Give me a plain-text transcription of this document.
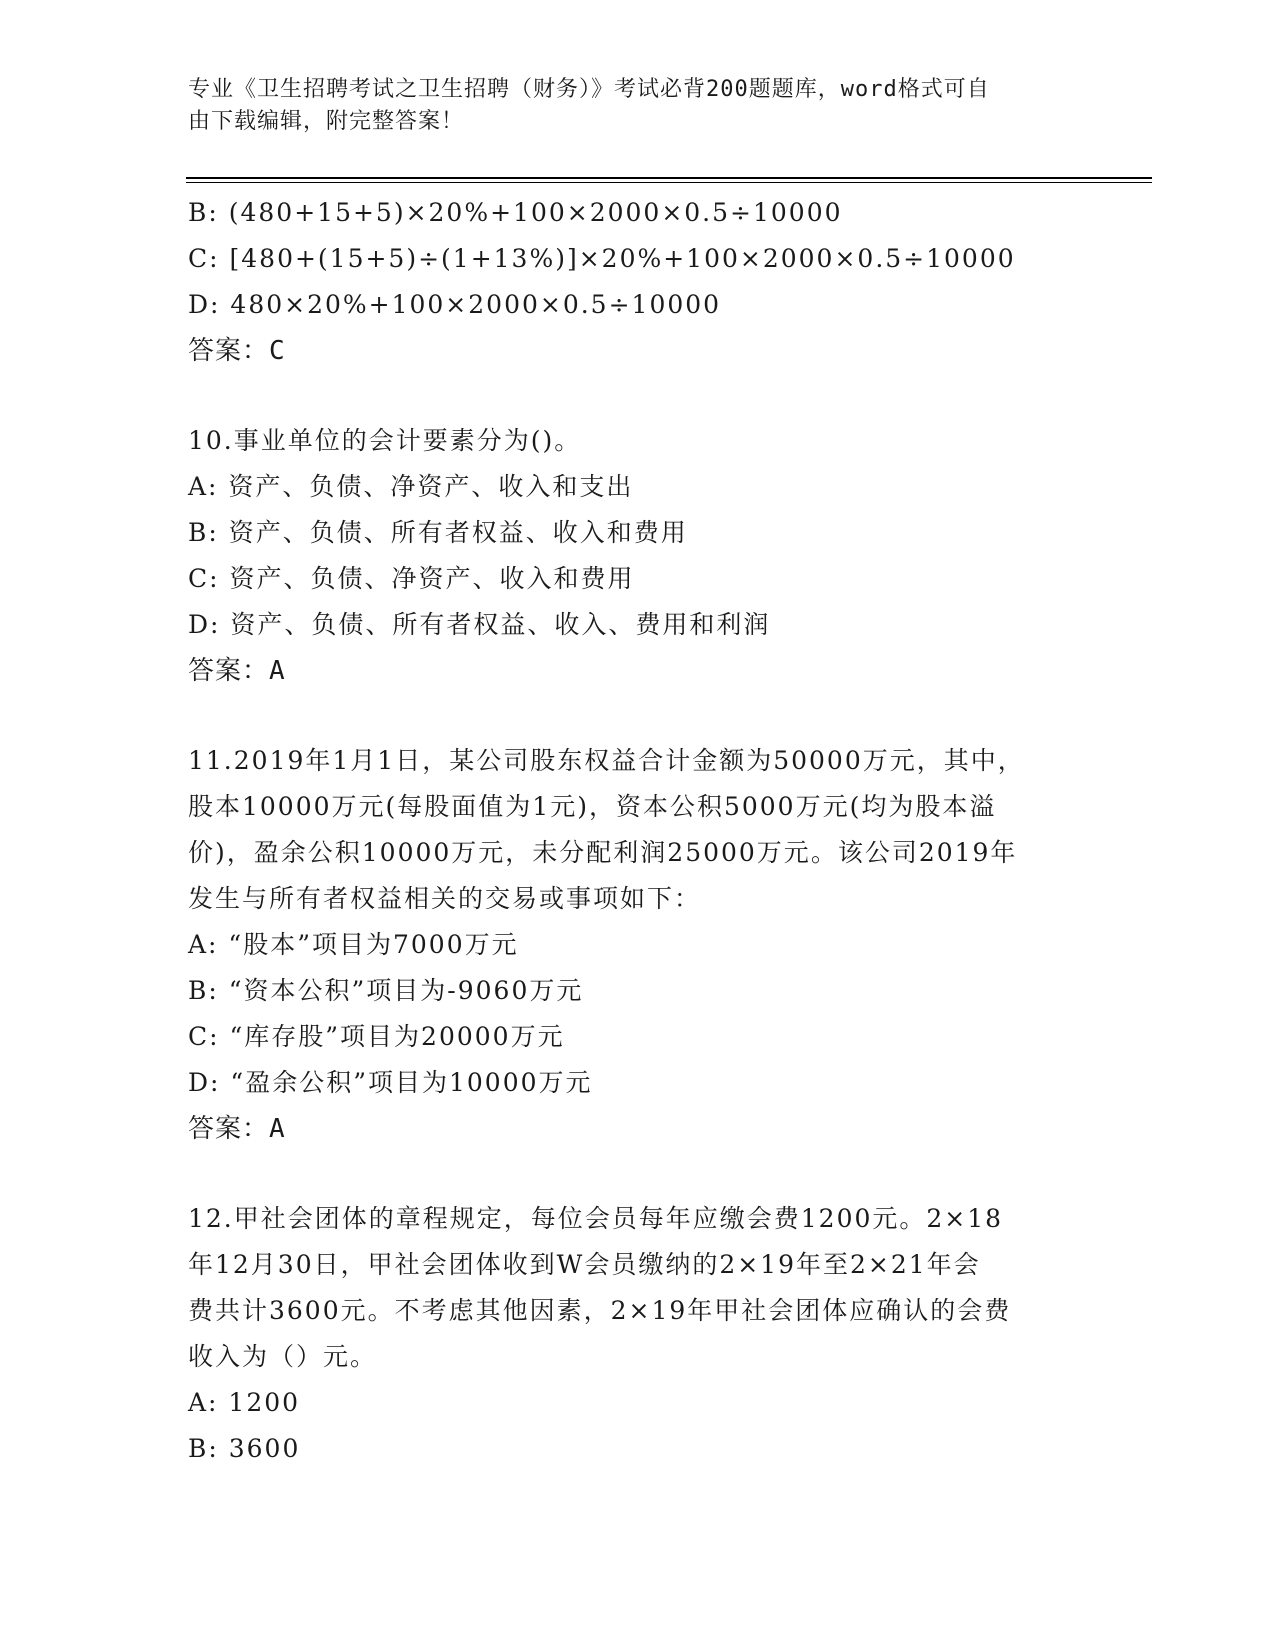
专业《卫生招聘考试之卫生招聘（财务）》考试必背200题题库，word格式可自
由下载编辑，附完整答案！
B: (480+15+5)×20%+100×2000×0.5÷10000
C: [480+(15+5)÷(1+13%)]×20%+100×2000×0.5÷10000
D: 480×20%+100×2000×0.5÷10000
答案：C
10.事业单位的会计要素分为()。
A: 资产、负债、净资产、收入和支出
B: 资产、负债、所有者权益、收入和费用
C: 资产、负债、净资产、收入和费用
D: 资产、负债、所有者权益、收入、费用和利润
答案：A
11.2019年1月1日，某公司股东权益合计金额为50000万元，其中，
股本10000万元(每股面值为1元)，资本公积5000万元(均为股本溢
价)，盈余公积10000万元，未分配利润25000万元。该公司2019年
发生与所有者权益相关的交易或事项如下：
A: “股本”项目为7000万元
B: “资本公积”项目为-9060万元
C: “库存股”项目为20000万元
D: “盈余公积”项目为10000万元
答案：A
12.甲社会团体的章程规定，每位会员每年应缴会费1200元。2×18
年12月30日，甲社会团体收到W会员缴纳的2×19年至2×21年会
费共计3600元。不考虑其他因素，2×19年甲社会团体应确认的会费
收入为（）元。
A: 1200
B: 3600
